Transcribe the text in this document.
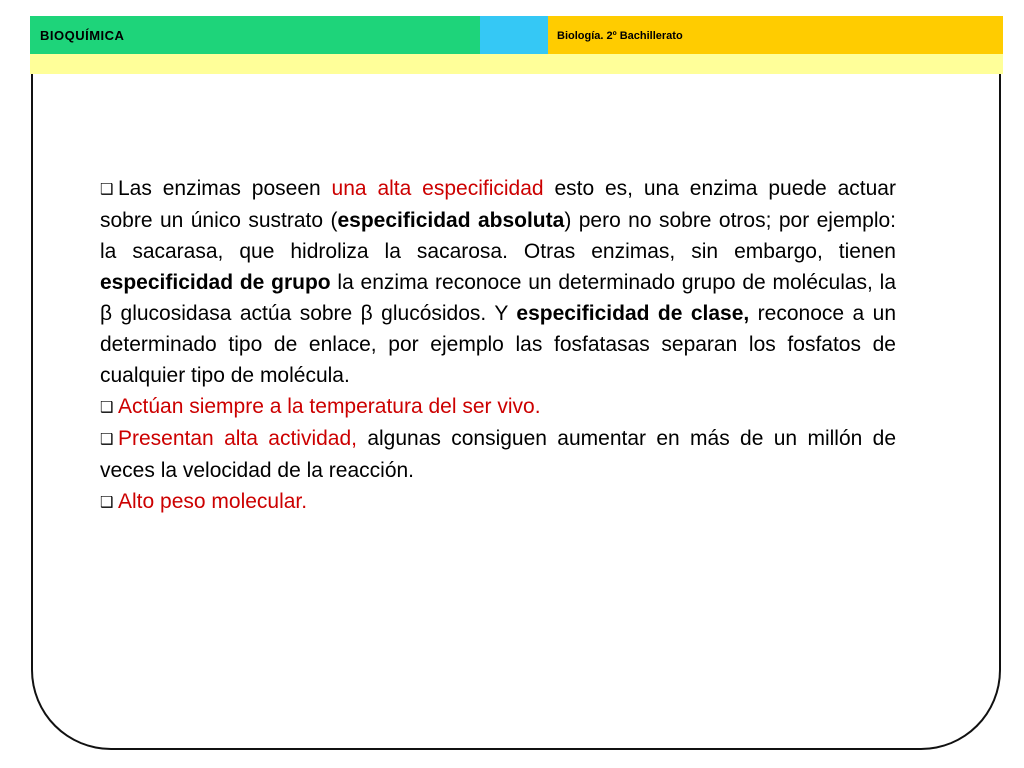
BIOQUÍMICA	Biología. 2º Bachillerato

❑ Las enzimas poseen una alta especificidad esto es, una enzima puede actuar sobre un único sustrato (especificidad absoluta) pero no sobre otros; por ejemplo: la sacarasa, que hidroliza la sacarosa. Otras enzimas, sin embargo, tienen especificidad de grupo la enzima reconoce un determinado grupo de moléculas, la β glucosidasa actúa sobre β glucósidos. Y especificidad de clase, reconoce a un determinado tipo de enlace, por ejemplo las fosfatasas separan los fosfatos de cualquier tipo de molécula.

❑ Actúan siempre a la temperatura del ser vivo.

❑ Presentan alta actividad, algunas consiguen aumentar en más de un millón de veces la velocidad de la reacción.

❑ Alto peso molecular.
